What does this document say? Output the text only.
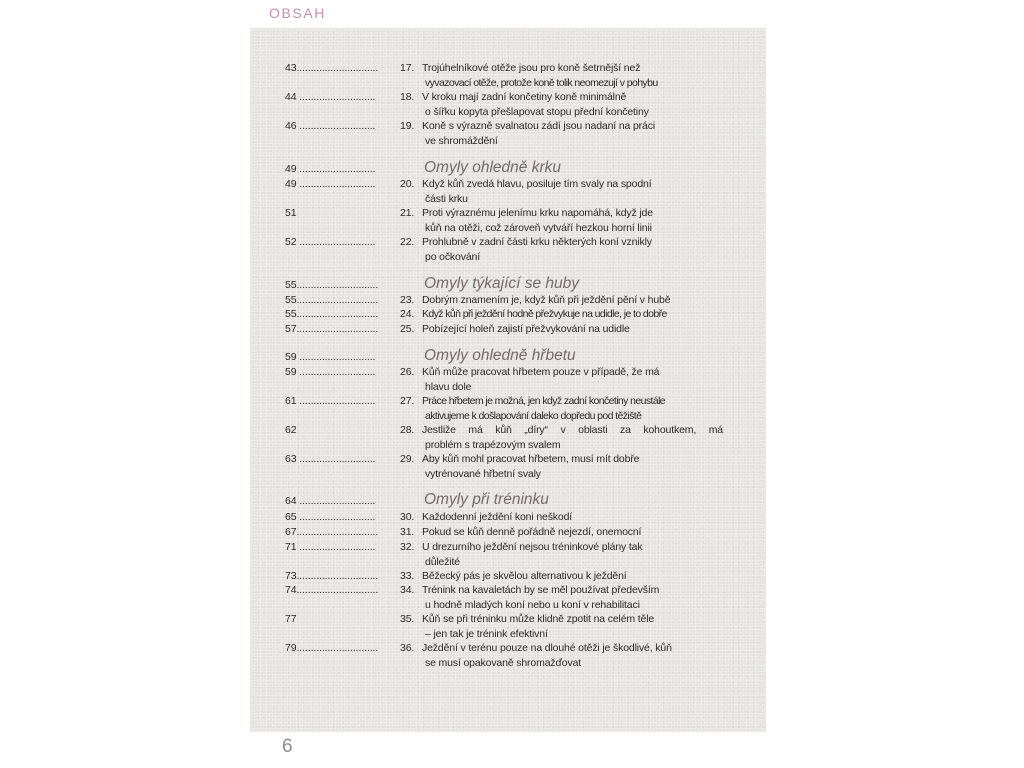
OBSAH
43.............................	17. Trojúhelníkové otěže jsou pro koně šetrnější než
vyvazovací otěže, protože koně tolik neomezují v pohybu
44 ...........................	18. V kroku mají zadní končetiny koně minimálně
o šířku kopyta přešlapovat stopu přední končetiny
46 ...........................	19. Koně s výrazně svalnatou zádí jsou nadaní na práci
ve shromáždění
49 ...........................	Omyly ohledně krku
49 ...........................	20. Když kůň zvedá hlavu, posiluje tím svaly na spodní
části krku
51	21. Proti výraznému jelenímu krku napomáhá, když jde
kůň na otěži, což zároveň vytváří hezkou horní linii
52 ...........................	22. Prohlubně v zadní části krku některých koní vznikly
po očkování
55.............................	Omyly týkající se huby
55.............................	23. Dobrým znamením je, když kůň při ježdění pění v hubě
55.............................	24. Když kůň při ježdění hodně přežvykuje na udidle, je to dobře
57.............................	25. Pobízející holeň zajistí přežvykování na udidle
59 ...........................	Omyly ohledně hřbetu
59 ...........................	26. Kůň může pracovat hřbetem pouze v případě, že má
hlavu dole
61 ...........................	27. Práce hřbetem je možná, jen když zadní končetiny neustále
aktivujeme k došlapování daleko dopředu pod těžiště
62	28. Jestliže má kůň „díry“ v oblasti za kohoutkem, má
problém s trapézovým svalem
63 ...........................	29. Aby kůň mohl pracovat hřbetem, musí mít dobře
vytrénované hřbetní svaly
64 ...........................	Omyly při tréninku
65 ...........................	30. Každodenní ježdění koni neškodí
67.............................	31. Pokud se kůň denně pořádně nejezdí, onemocní
71 ...........................	32. U drezurního ježdění nejsou tréninkové plány tak
důležité
73.............................	33. Běžecký pás je skvělou alternativou k ježdění
74.............................	34. Trénink na kavaletách by se měl používat především
u hodně mladých koní nebo u koní v rehabilitaci
77	35. Kůň se při tréninku může klidně zpotit na celém těle
– jen tak je trénink efektivní
79.............................	36. Ježdění v terénu pouze na dlouhé otěži je škodlivé, kůň
se musí opakovaně shromažďovat
6
